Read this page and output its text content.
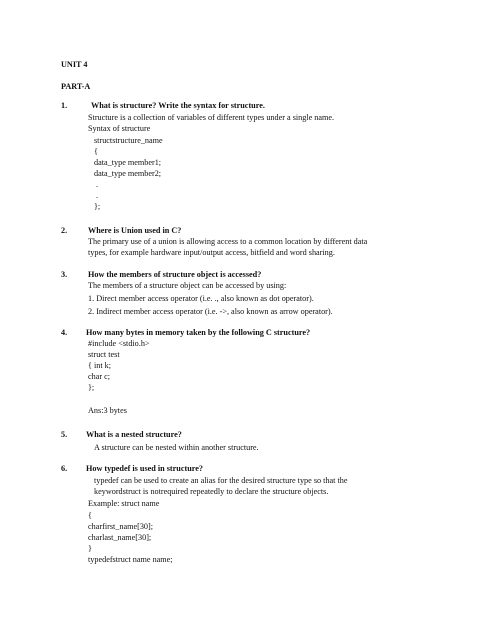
UNIT 4
PART-A
1.	What is structure? Write the syntax for structure.
Structure is a collection of variables of different types under a single name.
Syntax of structure
structstructure_name
{
data_type member1;
data_type member2;
.
.
};
2.	Where is Union used in C?
The primary use of a union is allowing access to a common location by different data
types, for example hardware input/output access, bitfield and word sharing.
3.	How the members of structure object is accessed?
The members of a structure object can be accessed by using:
1. Direct member access operator (i.e. ., also known as dot operator).
2. Indirect member access operator (i.e. ->, also known as arrow operator).
4. How many bytes in memory taken by the following C structure?
#include <stdio.h>
struct test
{ int k;
char c;
};
Ans:3 bytes
5. What is a nested structure?
A structure can be nested within another structure.
6. How typedef is used in structure?
typedef can be used to create an alias for the desired structure type so that the
keywordstruct is notrequired repeatedly to declare the structure objects.
Example: struct name
{
charfirst_name[30];
charlast_name[30];
}
typedefstruct name name;
